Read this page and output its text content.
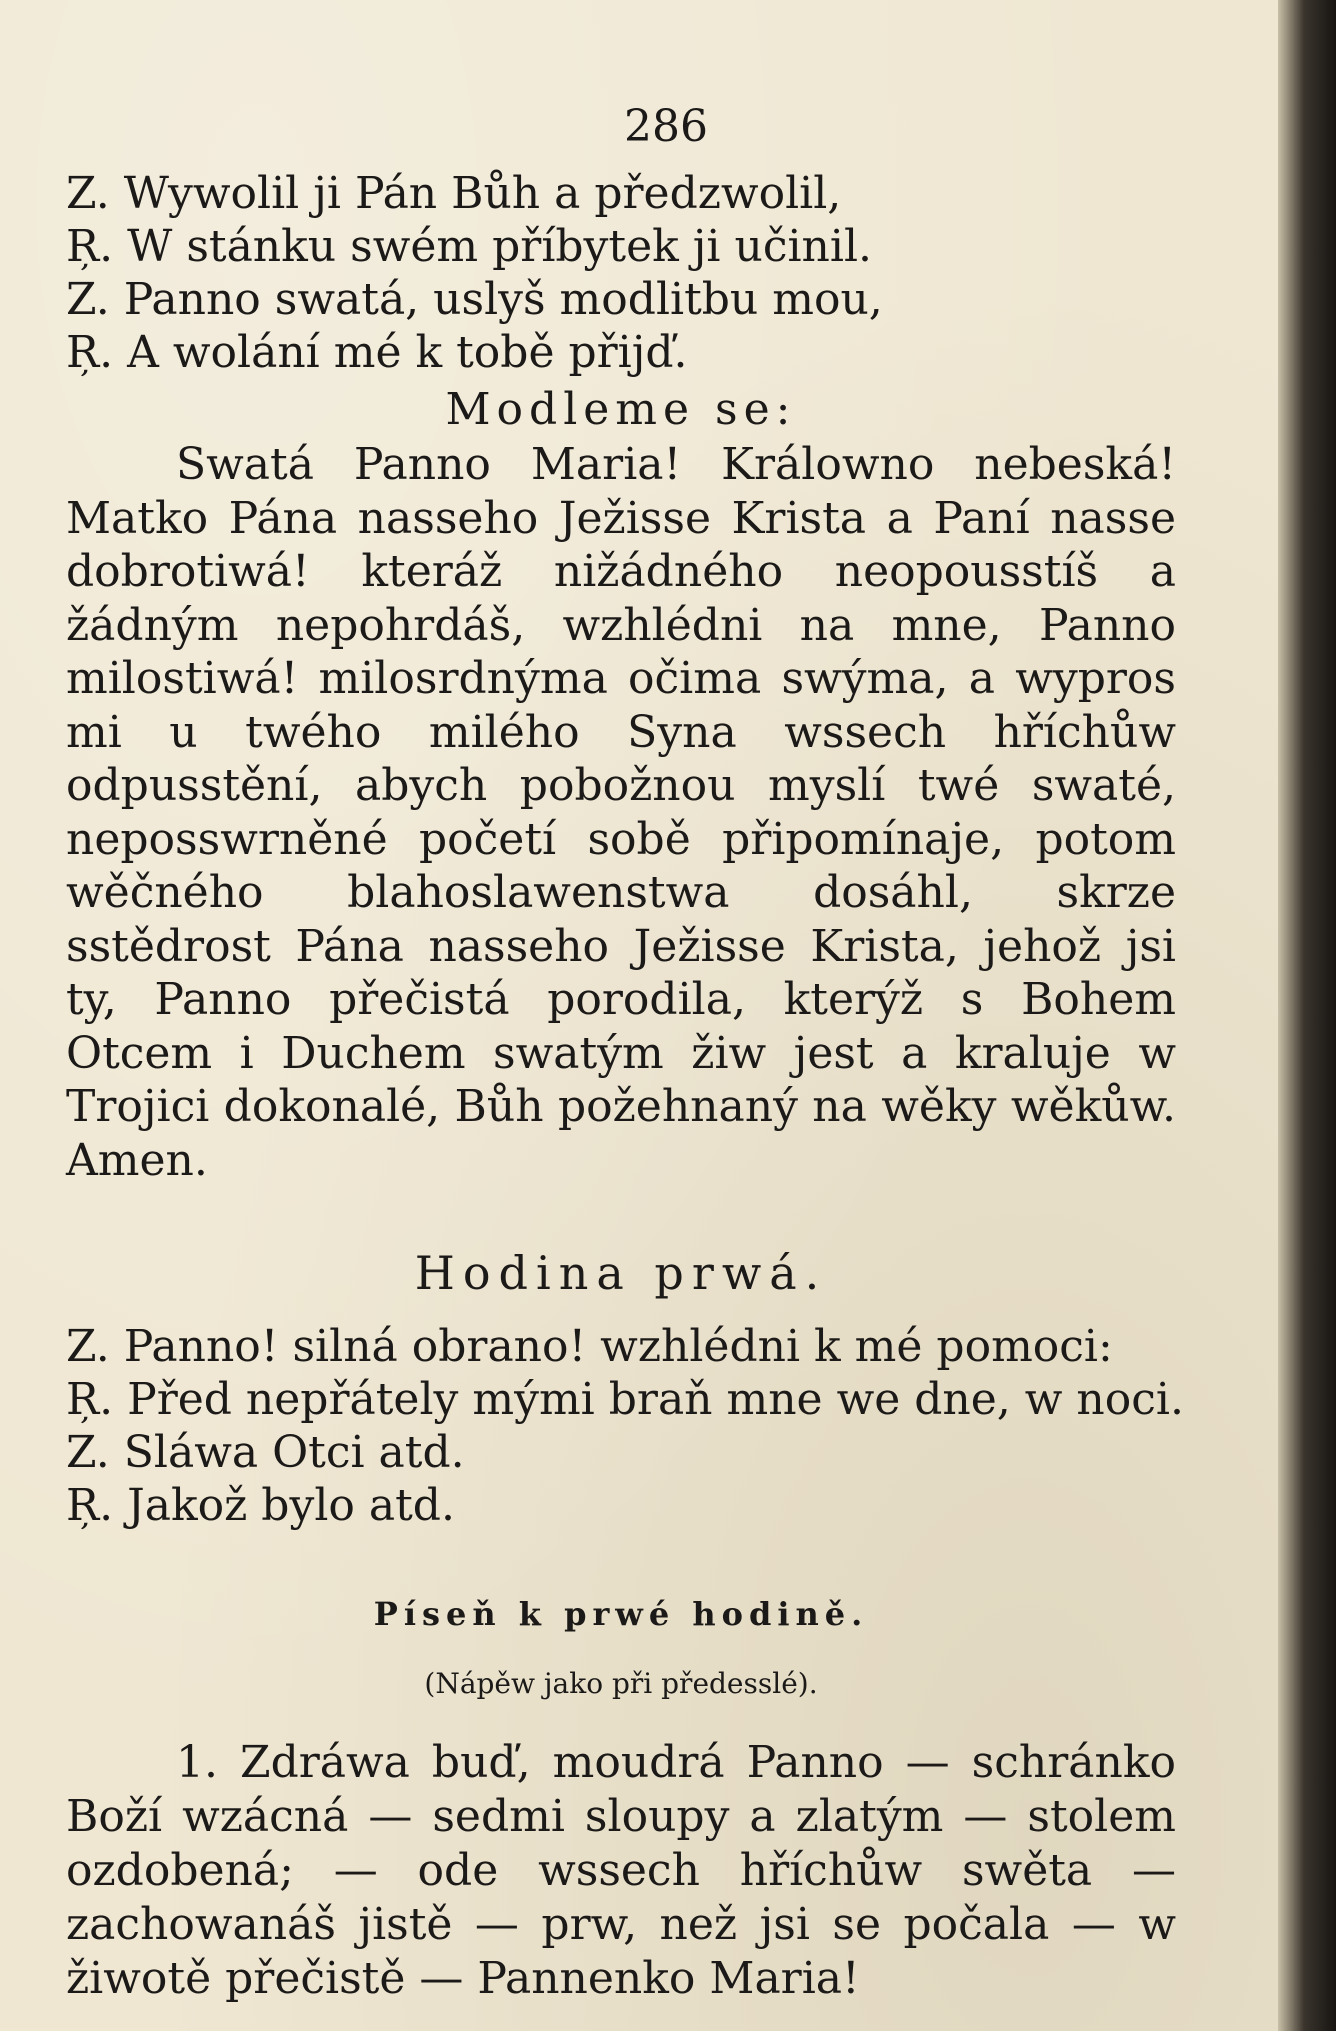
286
Z. Wywolil ji Pán Bůh a předzwolil,
Ŗ. W stánku swém příbytek ji učinil.
Z. Panno swatá, uslyš modlitbu mou,
Ŗ. A wolání mé k tobě přijď.
Modleme se:

Swatá Panno Maria! Králowno nebeská! Matko Pána nasseho Ježisse Krista a Paní nasse dobrotiwá! kteráž nižádného neopousstíš a žádným nepohrdáš, wzhlédni na mne, Panno milostiwá! milosrdnýma očima swýma, a wypros mi u twého milého Syna wssech hříchůw odpusstění, abych pobožnou myslí twé swaté, neposswrněné početí sobě připomínaje, potom wěčného blahoslawenstwa dosáhl, skrze sstědrost Pána nasseho Ježisse Krista, jehož jsi ty, Panno přečistá porodila, kterýž s Bohem Otcem i Duchem swatým žiw jest a kraluje w Trojici dokonalé, Bůh požehnaný na wěky wěkůw. Amen.

Hodina prwá.
Z. Panno! silná obrano! wzhlédni k mé pomoci:
Ŗ. Před nepřátely mými braň mne we dne, w noci.
Z. Sláwa Otci atd.
Ŗ. Jakož bylo atd.
Píseň k prwé hodině.
(Nápěw jako při předesslé).

1. Zdráwa buď, moudrá Panno — schránko Boží wzácná — sedmi sloupy a zlatým — stolem ozdobená; — ode wssech hříchůw swěta — zachowanáš jistě — prw, než jsi se počala — w žiwotě přečistě — Pannenko Maria!
